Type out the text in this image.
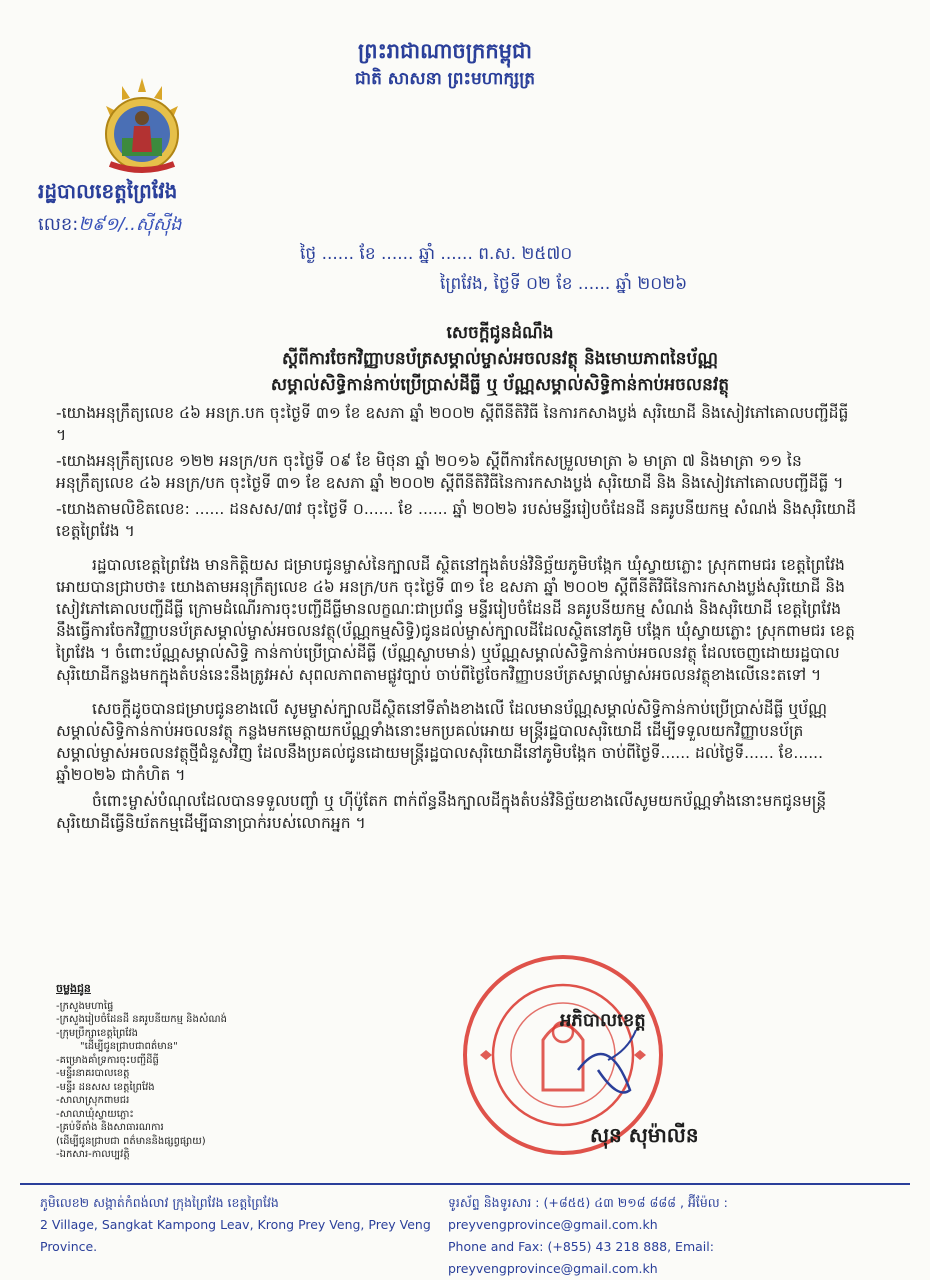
ព្រះរាជាណាចក្រកម្ពុជា
ជាតិ សាសនា ព្រះមហាក្សត្រ
រដ្ឋបាលខេត្តព្រៃវែង
លេខ:២៩១/..ស៊ីស៊ីង
ថ្ងៃ ...... ខែ ...... ឆ្នាំ ...... ព.ស. ២៥៧០
ព្រៃវែង, ថ្ងៃទី ០២ ខែ ...... ឆ្នាំ ២០២៦
សេចក្តីជូនដំណឹង
ស្តីពីការចែកវិញ្ញាបនប័ត្រសម្គាល់ម្ចាស់អចលនវត្ថុ និងមោឃភាពនៃប័ណ្ណ
សម្គាល់សិទ្ធិកាន់កាប់ប្រើប្រាស់ដីធ្លី ឬ ប័ណ្ណសម្គាល់សិទ្ធិកាន់កាប់អចលនវត្ថុ

-យោងអនុក្រឹត្យលេខ ៤៦ អនក្រ.បក ចុះថ្ងៃទី ៣១ ខែ ឧសភា ឆ្នាំ ២០០២ ស្តីពីនីតិវិធី នៃការកសាងប្លង់ សុរិយោដី និងសៀវភៅគោលបញ្ជីដីធ្លី ។

-យោងអនុក្រឹត្យលេខ ១២២ អនក្រ/បក ចុះថ្ងៃទី ០៩ ខែ មិថុនា ឆ្នាំ ២០១៦ ស្តីពីការកែសម្រួលមាត្រា ៦ មាត្រា ៧ និងមាត្រា ១១ នៃអនុក្រឹត្យលេខ ៤៦ អនក្រ/បក ចុះថ្ងៃទី ៣១ ខែ ឧសភា ឆ្នាំ ២០០២ ស្តីពីនីតិវិធីនៃការកសាងប្លង់ សុរិយោដី និង និងសៀវភៅគោលបញ្ជីដីធ្លី ។

-យោងតាមលិខិតលេខ: ...... ដនសស/៣វ ចុះថ្ងៃទី ០...... ខែ ...... ឆ្នាំ ២០២៦ របស់មន្ទីររៀបចំដែនដី នគរូបនីយកម្ម សំណង់ និងសុរិយោដី ខេត្តព្រៃវែង ។

រដ្ឋបាលខេត្តព្រៃវែង មានកិត្តិយស ជម្រាបជូនម្ចាស់នៃក្បាលដី ស្ថិតនៅក្នុងតំបន់វិនិច្ឆ័យភូមិបង្កែក ឃុំស្វាយភ្លោះ ស្រុកពាមជរ ខេត្តព្រៃវែង អោយបានជ្រាបថា៖ យោងតាមអនុក្រឹត្យលេខ ៤៦ អនក្រ/បក ចុះថ្ងៃទី ៣១ ខែ ឧសភា ឆ្នាំ ២០០២ ស្តីពីនីតិវិធីនៃការកសាងប្លង់សុរិយោដី និងសៀវភៅគោលបញ្ជីដីធ្លី ក្រោមដំណើរការចុះបញ្ជីដីធ្លីមានលក្ខណៈជាប្រព័ន្ធ មន្ទីររៀបចំដែនដី នគរូបនីយកម្ម សំណង់ និងសុរិយោដី ខេត្តព្រៃវែង នឹងធ្វើការចែកវិញ្ញាបនប័ត្រសម្គាល់ម្ចាស់អចលនវត្ថុ(ប័ណ្ណកម្មសិទ្ធិ)ជូនដល់ម្ចាស់ក្បាលដីដែលស្ថិតនៅភូមិ បង្កែក ឃុំស្វាយភ្លោះ ស្រុកពាមជរ ខេត្តព្រៃវែង ។ ចំពោះប័ណ្ណសម្គាល់សិទ្ធិ កាន់កាប់ប្រើប្រាស់ដីធ្លី (ប័ណ្ណស្លាបមាន់) ឬប័ណ្ណសម្គាល់សិទ្ធិកាន់កាប់អចលនវត្ថុ ដែលចេញដោយរដ្ឋបាលសុរិយោដីកន្លងមកក្នុងតំបន់នេះនឹងត្រូវអស់ សុពលភាពតាមផ្លូវច្បាប់ ចាប់ពីថ្ងៃចែកវិញ្ញាបនប័ត្រសម្គាល់ម្ចាស់អចលនវត្ថុខាងលើនេះតទៅ ។

សេចក្តីដូចបានជម្រាបជូនខាងលើ សូមម្ចាស់ក្បាលដីស្ថិតនៅទីតាំងខាងលើ ដែលមានប័ណ្ណសម្គាល់សិទ្ធិកាន់កាប់ប្រើប្រាស់ដីធ្លី ឬប័ណ្ណសម្គាល់សិទ្ធិកាន់កាប់អចលនវត្ថុ កន្លងមកមេត្តាយកប័ណ្ណទាំងនោះមកប្រគល់អោយ មន្ត្រីរដ្ឋបាលសុរិយោដី ដើម្បីទទួលយកវិញ្ញាបនប័ត្រសម្គាល់ម្ចាស់អចលនវត្ថុថ្មីជំនួសវិញ ដែលនឹងប្រគល់ជូនដោយមន្ត្រីរដ្ឋបាលសុរិយោដីនៅភូមិបង្កែក ចាប់ពីថ្ងៃទី...... ដល់ថ្ងៃទី...... ខែ...... ឆ្នាំ២០២៦ ជាកំហិត ។

ចំពោះម្ចាស់បំណុលដែលបានទទួលបញ្ចាំ ឬ ហ៊ីប៉ូតែក ពាក់ព័ន្ធនឹងក្បាលដីក្នុងតំបន់វិនិច្ឆ័យខាងលើសូមយកប័ណ្ណទាំងនោះមកជូនមន្ត្រីសុរិយោដីធ្វើនិយ័តកម្មដើម្បីធានាប្រាក់របស់លោកអ្នក ។

ចម្លងជូន
-ក្រសួងមហាផ្ទៃ
-ក្រសួងរៀបចំដែនដី នគរូបនីយកម្ម និងសំណង់
-ក្រុមប្រឹក្សាខេត្តព្រៃវែង
"ដើម្បីជូនជ្រាបជាពត៌មាន"
-គម្រោងគាំទ្រការចុះបញ្ជីដីធ្លី
-មន្ទីរនាគរបាលខេត្ត
-មន្ទីរ ដនសស ខេត្តព្រៃវែង
-សាលាស្រុកពាមជរ
-សាលាឃុំស្វាយភ្លោះ
-គ្រប់ទីតាំង និងសាធារណការ
(ដើម្បីជូនជ្រាបជា ពត៌មាននិងផ្សព្វផ្សាយ)
-ឯកសារ-កាលប្បវត្តិ
អភិបាលខេត្ត
សុន សុម៉ាលីន
ភូមិលេខ២ សង្កាត់កំពង់លាវ ក្រុងព្រៃវែង ខេត្តព្រៃវែង
2 Village, Sangkat Kampong Leav, Krong Prey Veng, Prey Veng Province.
ទូរស័ព្ទ និងទូរសារ : (+៨៥៥) ៤៣ ២១៨ ៨៨៨ , អ៊ីម៉ែល : preyvengprovince@gmail.com.kh
Phone and Fax: (+855) 43 218 888, Email: preyvengprovince@gmail.com.kh
